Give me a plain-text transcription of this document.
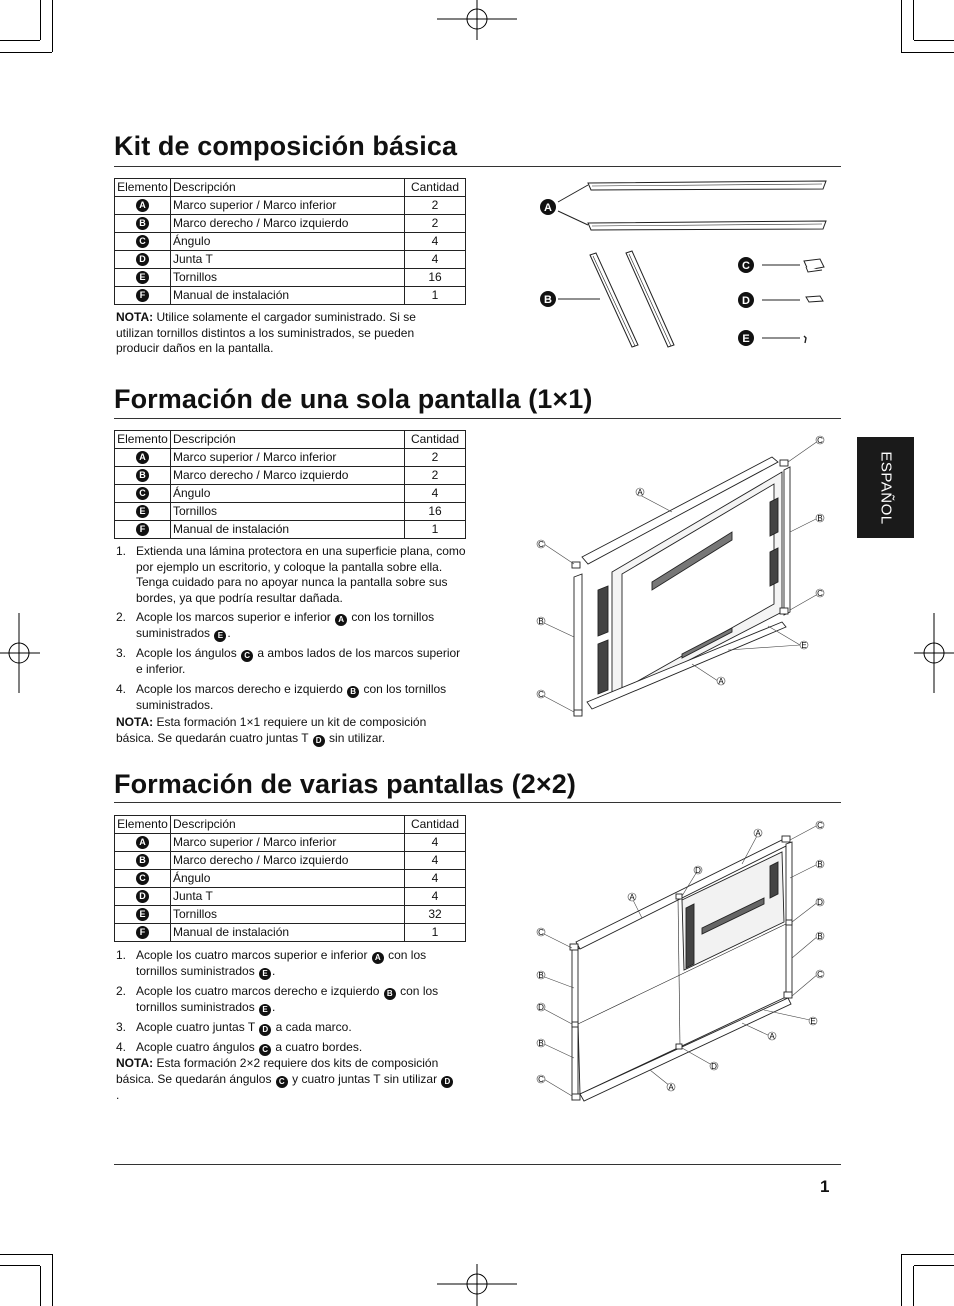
ESPAÑOL
Kit de composición básica
Elemento	Descripción	Cantidad
A	Marco superior / Marco inferior	2
B	Marco derecho / Marco izquierdo	2
C	Ángulo	4
D	Junta T	4
E	Tornillos	16
F	Manual de instalación	1
NOTA: Utilice solamente el cargador suministrado. Si se utilizan tornillos distintos a los suministrados, se pueden producir daños en la pantalla.
A
B
C
D
E
Formación de una sola pantalla (1×1)
Elemento	Descripción	Cantidad
A	Marco superior / Marco inferior	2
B	Marco derecho / Marco izquierdo	2
C	Ángulo	4
E	Tornillos	16
F	Manual de instalación	1
1. Extienda una lámina protectora en una superficie plana, como por ejemplo un escritorio, y coloque la pantalla sobre ella. Tenga cuidado para no apoyar nunca la pantalla sobre sus bordes, ya que podría resultar dañada.
2. Acople los marcos superior e inferior A con los tornillos suministrados E .
3. Acople los ángulos C a ambos lados de los marcos superior e inferior.
4. Acople los marcos derecho e izquierdo B con los tornillos suministrados.
NOTA: Esta formación 1×1 requiere un kit de composición básica. Se quedarán cuatro juntas T D sin utilizar.
C
A
B
C
C
B
C
E
A
Formación de varias pantallas (2×2)
Elemento	Descripción	Cantidad
A	Marco superior / Marco inferior	4
B	Marco derecho / Marco izquierdo	4
C	Ángulo	4
D	Junta T	4
E	Tornillos	32
F	Manual de instalación	1
1. Acople los cuatro marcos superior e inferior A con los tornillos suministrados E .
2. Acople los cuatro marcos derecho e izquierdo B con los tornillos suministrados E .
3. Acople cuatro juntas T D a cada marco.
4. Acople cuatro ángulos C a cuatro bordes.
NOTA: Esta formación 2×2 requiere dos kits de composición básica. Se quedarán ángulos C y cuatro juntas T sin utilizar D.
A
C
D
B
A
D
C	B
B
D
C
B
E
C
A
D
A
1
